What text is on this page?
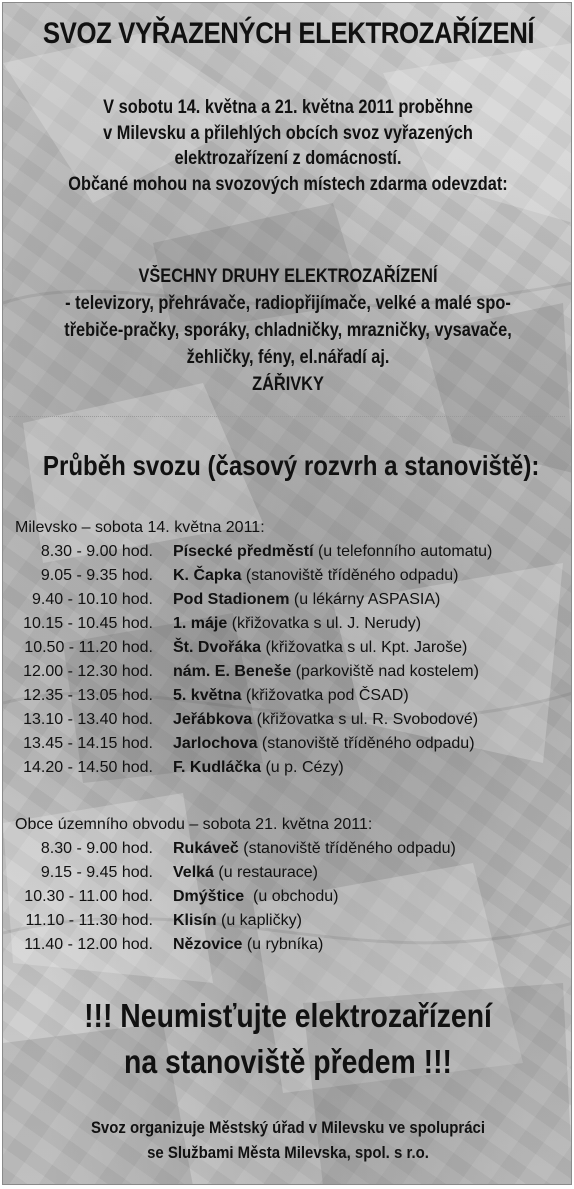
SVOZ VYŘAZENÝCH ELEKTROZAŘÍZENÍ
V sobotu 14. května a 21. května 2011 proběhne
v Milevsku a přilehlých obcích svoz vyřazených
elektrozařízení z domácností.
Občané mohou na svozových místech zdarma odevzdat:
VŠECHNY DRUHY ELEKTROZAŘÍZENÍ
- televizory, přehrávače, radiopřijímače, velké a malé spo-
třebiče-pračky, sporáky, chladničky, mrazničky, vysavače,
žehličky, fény, el.nářadí aj.
ZÁŘIVKY
Průběh svozu (časový rozvrh a stanoviště):
Milevsko – sobota 14. května 2011:
8.30 - 9.00 hod. Písecké předměstí (u telefonního automatu)
9.05 - 9.35 hod. K. Čapka (stanoviště tříděného odpadu)
9.40 - 10.10 hod. Pod Stadionem (u lékárny ASPASIA)
10.15 - 10.45 hod. 1. máje (křižovatka s ul. J. Nerudy)
10.50 - 11.20 hod. Št. Dvořáka (křižovatka s ul. Kpt. Jaroše)
12.00 - 12.30 hod. nám. E. Beneše (parkoviště nad kostelem)
12.35 - 13.05 hod. 5. května (křižovatka pod ČSAD)
13.10 - 13.40 hod. Jeřábkova (křižovatka s ul. R. Svobodové)
13.45 - 14.15 hod. Jarlochova (stanoviště tříděného odpadu)
14.20 - 14.50 hod. F. Kudláčka (u p. Cézy)
Obce územního obvodu – sobota 21. května 2011:
8.30 - 9.00 hod. Rukáveč (stanoviště tříděného odpadu)
9.15 - 9.45 hod. Velká (u restaurace)
10.30 - 11.00 hod. Dmýštice  (u obchodu)
11.10 - 11.30 hod. Klisín (u kapličky)
11.40 - 12.00 hod. Nězovice (u rybníka)
!!! Neumisťujte elektrozařízení
na stanoviště předem !!!
Svoz organizuje Městský úřad v Milevsku ve spolupráci
se Službami Města Milevska, spol. s r.o.
